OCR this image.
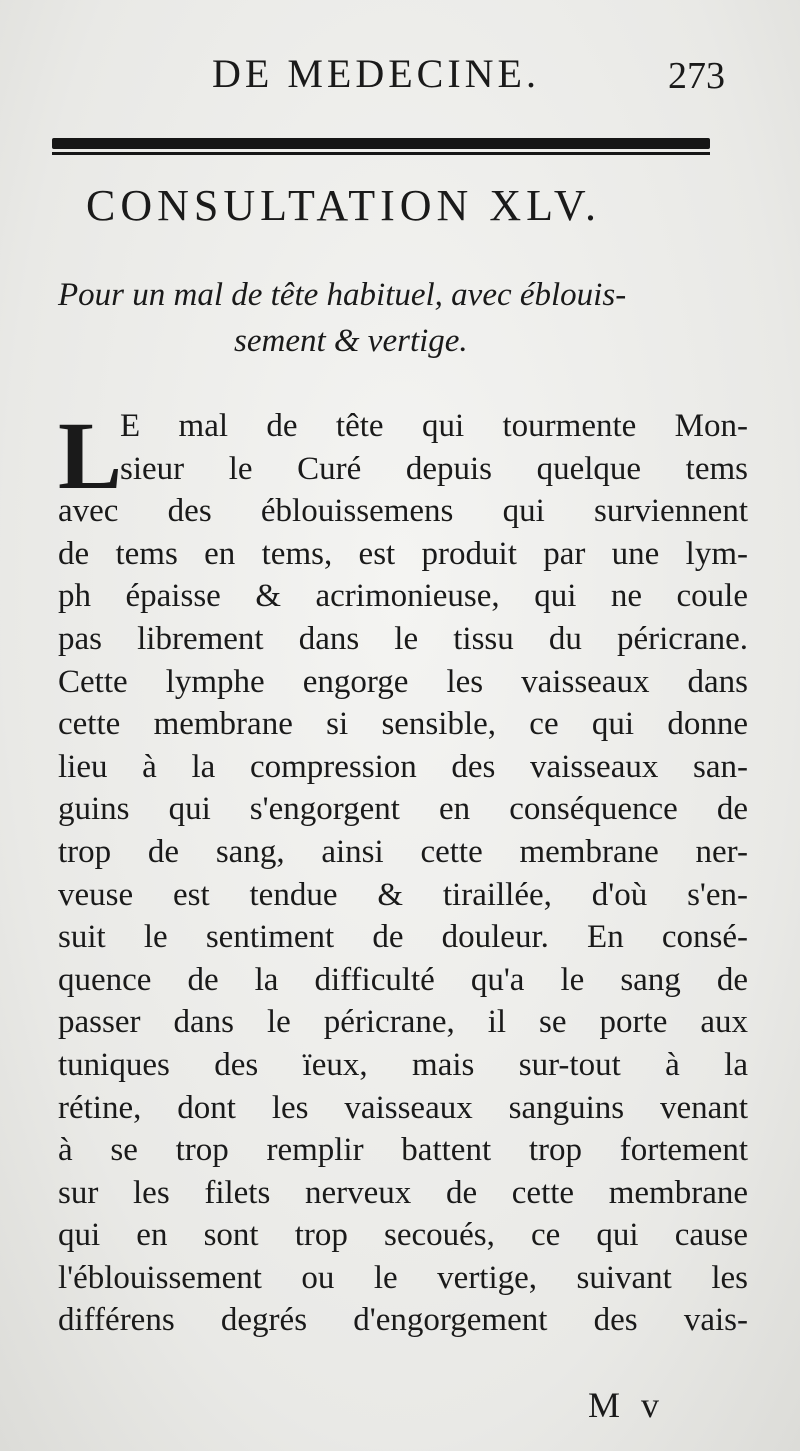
DE MEDECINE.	273
CONSULTATION XLV.
Pour un mal de tête habituel, avec éblouis-
sement & vertige.
L
E mal de tête qui tourmente Mon-
sieur le Curé depuis quelque tems
avec des éblouissemens qui surviennent
de tems en tems, est produit par une lym-
ph épaisse & acrimonieuse, qui ne coule
pas librement dans le tissu du péricrane.
Cette lymphe engorge les vaisseaux dans
cette membrane si sensible, ce qui donne
lieu à la compression des vaisseaux san-
guins qui s'engorgent en conséquence de
trop de sang, ainsi cette membrane ner-
veuse est tendue & tiraillée, d'où s'en-
suit le sentiment de douleur. En consé-
quence de la difficulté qu'a le sang de
passer dans le péricrane, il se porte aux
tuniques des ïeux, mais sur-tout à la
rétine, dont les vaisseaux sanguins venant
à se trop remplir battent trop fortement
sur les filets nerveux de cette membrane
qui en sont trop secoués, ce qui cause
l'éblouissement ou le vertige, suivant les
différens degrés d'engorgement des vais-
M v
